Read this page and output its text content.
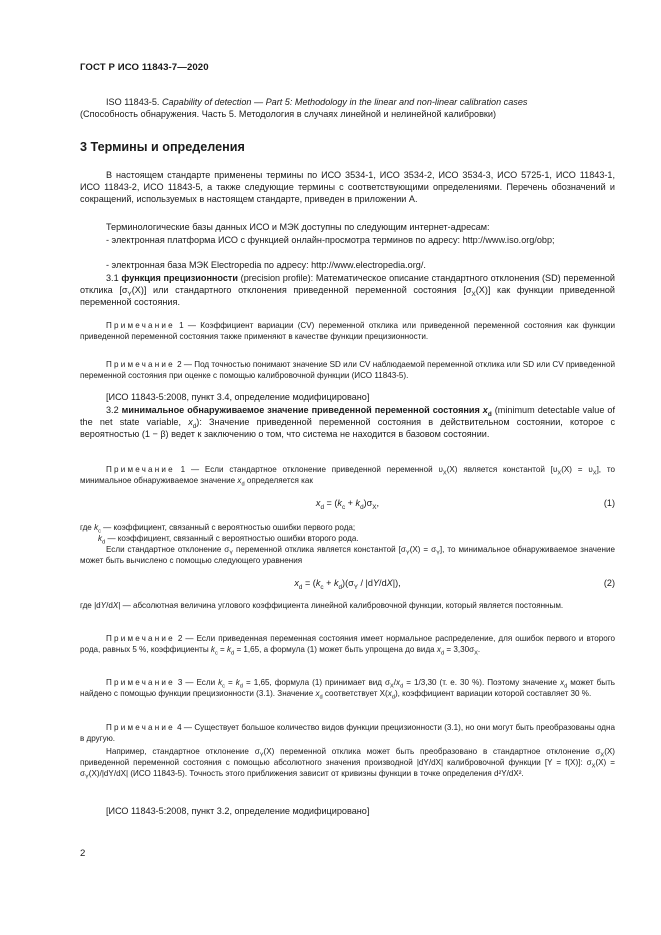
ГОСТ Р ИСО 11843-7—2020
ISO 11843-5. Capability of detection — Part 5: Methodology in the linear and non-linear calibration cases
(Способность обнаружения. Часть 5. Методология в случаях линейной и нелинейной калибровки)
3 Термины и определения
В настоящем стандарте применены термины по ИСО 3534-1, ИСО 3534-2, ИСО 3534-3, ИСО 5725-1, ИСО 11843-1, ИСО 11843-2, ИСО 11843-5, а также следующие термины с соответствующими определениями. Перечень обозначений и сокращений, используемых в настоящем стандарте, приведен в приложении А.
Терминологические базы данных ИСО и МЭК доступны по следующим интернет-адресам:
- электронная платформа ИСО с функцией онлайн-просмотра терминов по адресу: http://www.iso.org/obp;
- электронная база МЭК Electropedia по адресу: http://www.electropedia.org/.
3.1 функция прецизионности (precision profile): Математическое описание стандартного отклонения (SD) переменной отклика $[\sigma_Y(X)]$ или стандартного отклонения приведенной переменной состояния $[\sigma_X(X)]$ как функции приведенной переменной состояния.
Примечание 1 — Коэффициент вариации (CV) переменной отклика или приведенной переменной состояния как функции приведенной переменной состояния также применяют в качестве функции прецизионности.
Примечание 2 — Под точностью понимают значение SD или CV наблюдаемой переменной отклика или SD или CV приведенной переменной состояния при оценке с помощью калибровочной функции (ИСО 11843-5).
[ИСО 11843-5:2008, пункт 3.4, определение модифицировано]
3.2 минимальное обнаруживаемое значение приведенной переменной состояния $x_d$ (minimum detectable value of the net state variable, $x_d$): Значение приведенной переменной состояния в действительном состоянии, которое с вероятностью (1 − β) ведет к заключению о том, что система не находится в базовом состоянии.
Примечание 1 — Если стандартное отклонение приведенной переменной $\upsilon_X(X)$ является константой $[\upsilon_X(X) = \upsilon_X]$, то минимальное обнаруживаемое значение $x_d$ определяется как
$x_d = (k_c + k_d)\sigma_X$,	(1)
где $k_c$ — коэффициент, связанный с вероятностью ошибки первого рода;
$k_d$ — коэффициент, связанный с вероятностью ошибки второго рода.
Если стандартное отклонение $\sigma_Y$ переменной отклика является константой $[\sigma_Y(X) = \sigma_Y]$, то минимальное обнаруживаемое значение может быть вычислено с помощью следующего уравнения
$x_d = (k_c + k_d)(\sigma_Y / |dY/dX|)$,	(2)
где |dY/dX| — абсолютная величина углового коэффициента линейной калибровочной функции, который является постоянным.
Примечание 2 — Если приведенная переменная состояния имеет нормальное распределение, для ошибок первого и второго рода, равных 5 %, коэффициенты $k_c = k_d = 1,65$, а формула (1) может быть упрощена до вида $x_d = 3,30\sigma_X$.
Примечание 3 — Если $k_c = k_d = 1,65$, формула (1) принимает вид $\sigma_X/x_d = 1/3,30$ (т. е. 30 %). Поэтому значение $x_d$ может быть найдено с помощью функции прецизионности (3.1). Значение $x_d$ соответствует $X(x_d)$, коэффициент вариации которой составляет 30 %.
Примечание 4 — Существует большое количество видов функции прецизионности (3.1), но они могут быть преобразованы одна в другую.
Например, стандартное отклонение $\sigma_Y(X)$ переменной отклика может быть преобразовано в стандартное отклонение $\sigma_X(X)$ приведенной переменной состояния с помощью абсолютного значения производной |dY/dX| калибровочной функции [Y = f(X)]: $\sigma_X(X) = \sigma_Y(X)/|dY/dX|$ (ИСО 11843-5). Точность этого приближения зависит от кривизны функции в точке определения d²Y/dX².
[ИСО 11843-5:2008, пункт 3.2, определение модифицировано]
2
